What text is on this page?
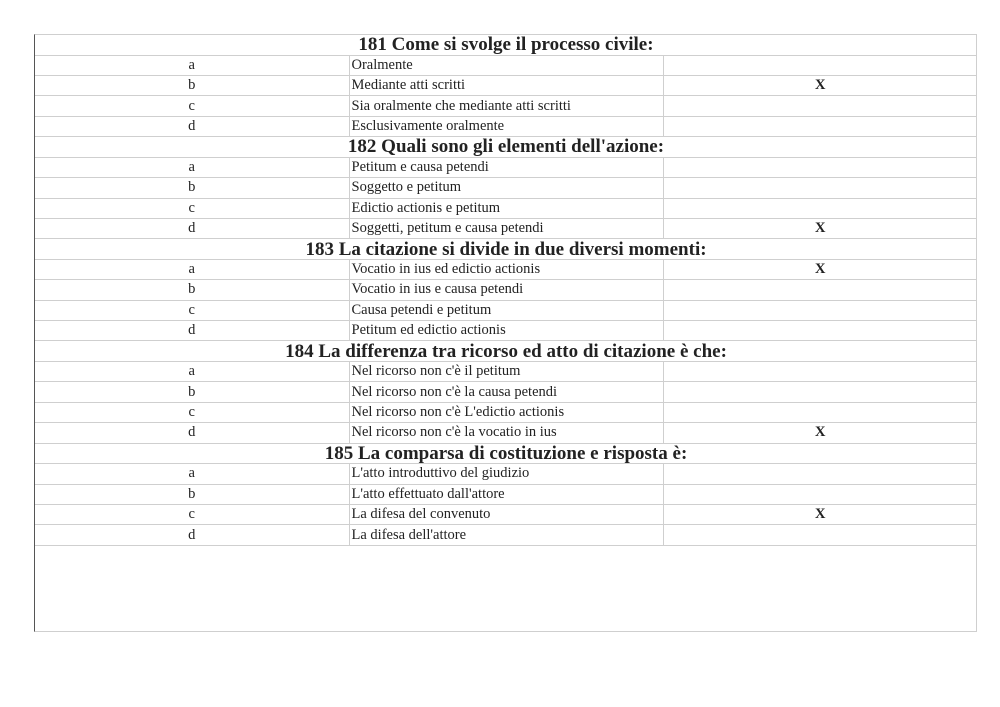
181 Come si svolge il processo civile:		
a	Oralmente	
b	Mediante atti scritti	X
c	Sia oralmente che mediante atti scritti	
d	Esclusivamente oralmente	
182 Quali sono gli elementi dell'azione:		
a	Petitum e causa petendi	
b	Soggetto e petitum	
c	Edictio actionis e petitum	
d	Soggetti, petitum e causa petendi	X
183 La citazione si divide in due diversi momenti:		
a	Vocatio in ius ed edictio actionis	X
b	Vocatio in ius e causa petendi	
c	Causa petendi e petitum	
d	Petitum ed edictio actionis	
184 La differenza tra ricorso ed atto di citazione è che:		
a	Nel ricorso non c'è il petitum	
b	Nel ricorso non c'è la causa petendi	
c	Nel ricorso non c'è L'edictio actionis	
d	Nel ricorso non c'è la vocatio in ius	X
185 La comparsa di costituzione e risposta è:		
a	L'atto introduttivo del giudizio	
b	L'atto effettuato dall'attore	
c	La difesa del convenuto	X
d	La difesa dell'attore	
